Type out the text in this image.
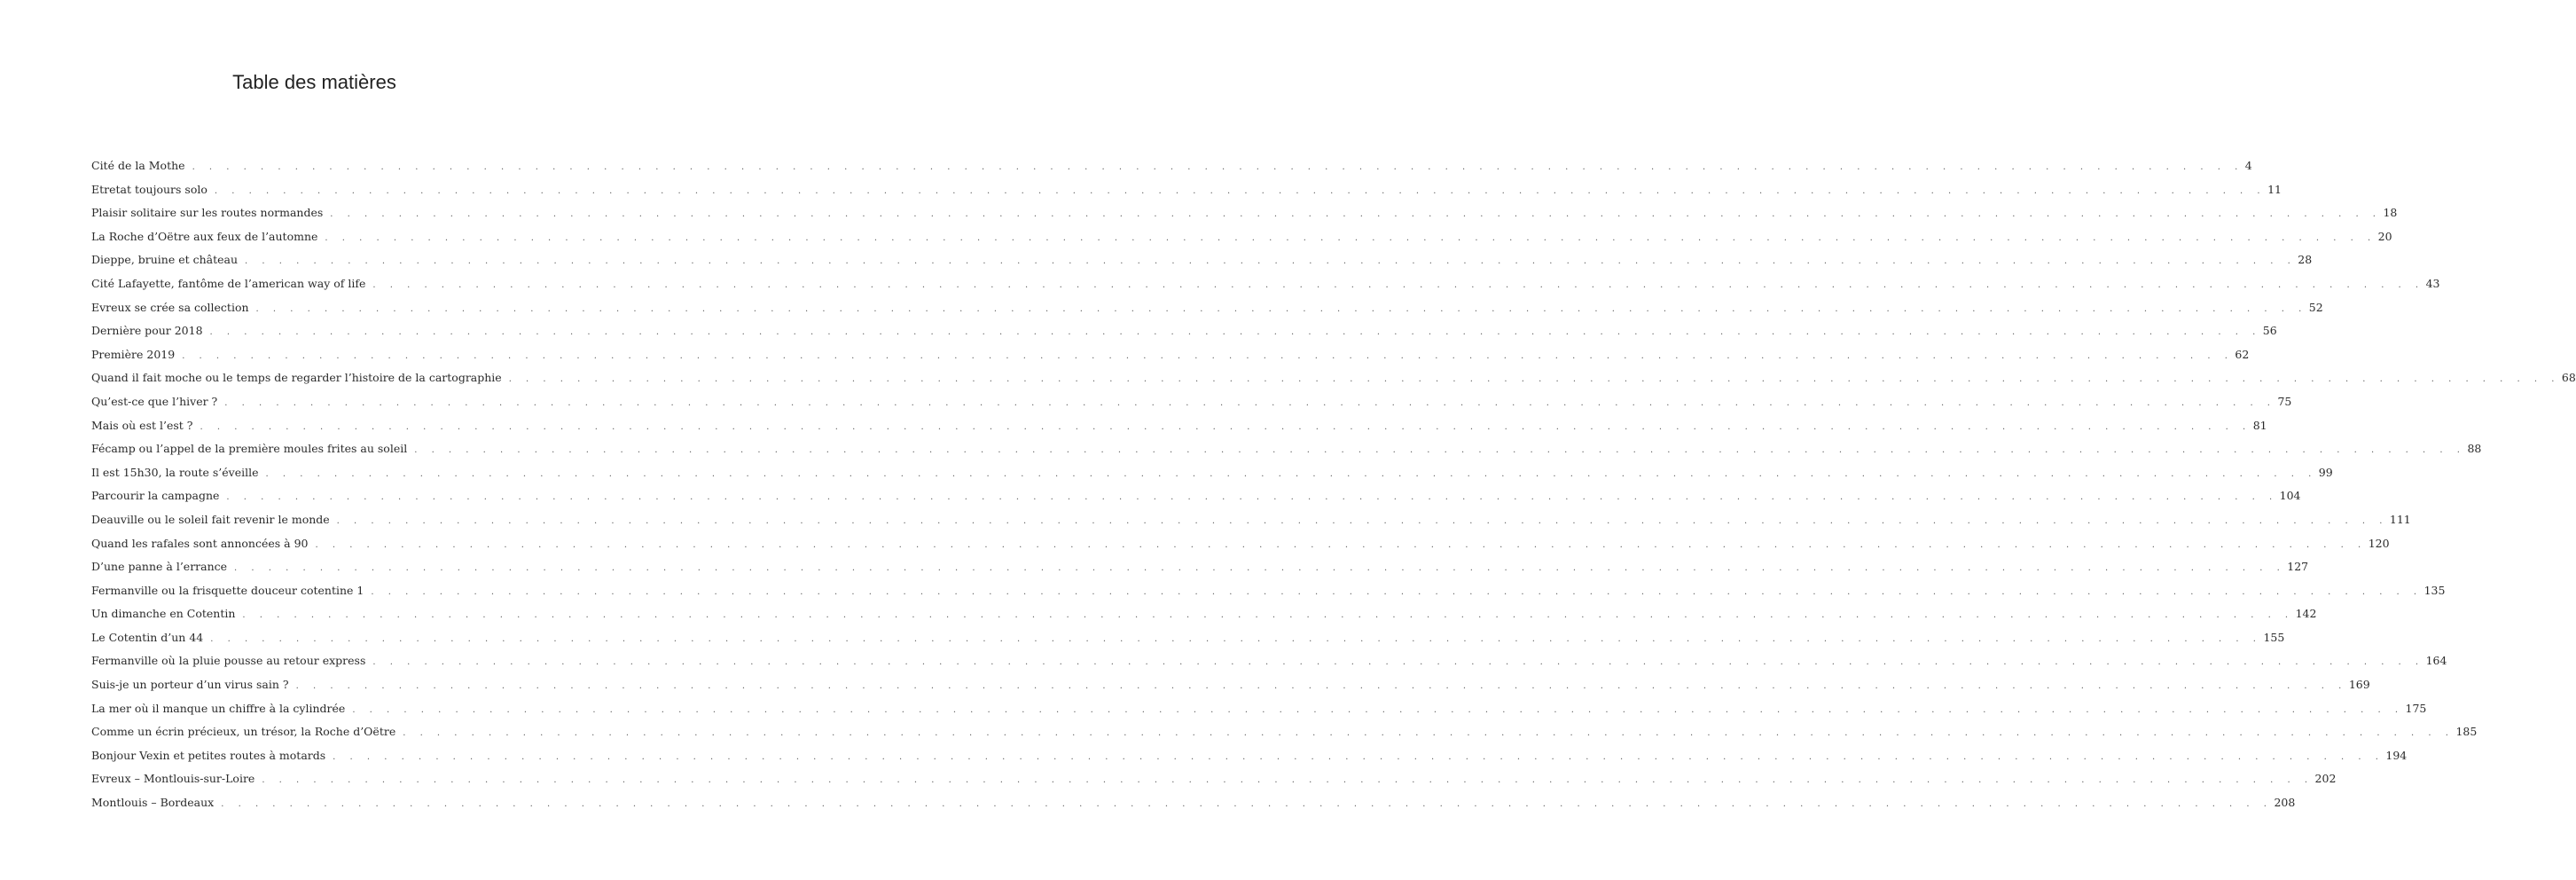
Table des matières
Cité de la Mothe . . . . . . . . . . . . . . . . . . . . . . . . . . . . . . . . . . . . . . . . . . . . . . . . . . . . . . . . . . . . . . . . . . . . . . . . . . . . . . . . . . . . . . . . . . . . . . . . . . . . . . . . . . . . . . . . . . . . . . . . 4
Etretat toujours solo . . . . . . . . . . . . . . . . . . . . . . . . . . . . . . . . . . . . . . . . . . . . . . . . . . . . . . . . . . . . . . . . . . . . . . . . . . . . . . . . . . . . . . . . . . . . . . . . . . . . . . . . . . . . . . . . . . . . . . . . 11
Plaisir solitaire sur les routes normandes . . . . . . . . . . . . . . . . . . . . . . . . . . . . . . . . . . . . . . . . . . . . . . . . . . . . . . . . . . . . . . . . . . . . . . . . . . . . . . . . . . . . . . . . . . . . . . . . . . . . . . . . . . . . . . . . . . . . . . . . 18
La Roche d’Oëtre aux feux de l’automne . . . . . . . . . . . . . . . . . . . . . . . . . . . . . . . . . . . . . . . . . . . . . . . . . . . . . . . . . . . . . . . . . . . . . . . . . . . . . . . . . . . . . . . . . . . . . . . . . . . . . . . . . . . . . . . . . . . . . . . . 20
Dieppe, bruine et château . . . . . . . . . . . . . . . . . . . . . . . . . . . . . . . . . . . . . . . . . . . . . . . . . . . . . . . . . . . . . . . . . . . . . . . . . . . . . . . . . . . . . . . . . . . . . . . . . . . . . . . . . . . . . . . . . . . . . . . . 28
Cité Lafayette, fantôme de l’american way of life . . . . . . . . . . . . . . . . . . . . . . . . . . . . . . . . . . . . . . . . . . . . . . . . . . . . . . . . . . . . . . . . . . . . . . . . . . . . . . . . . . . . . . . . . . . . . . . . . . . . . . . . . . . . . . . . . . . . . . . . 43
Evreux se crée sa collection . . . . . . . . . . . . . . . . . . . . . . . . . . . . . . . . . . . . . . . . . . . . . . . . . . . . . . . . . . . . . . . . . . . . . . . . . . . . . . . . . . . . . . . . . . . . . . . . . . . . . . . . . . . . . . . . . . . . . . . . 52
Dernière pour 2018 . . . . . . . . . . . . . . . . . . . . . . . . . . . . . . . . . . . . . . . . . . . . . . . . . . . . . . . . . . . . . . . . . . . . . . . . . . . . . . . . . . . . . . . . . . . . . . . . . . . . . . . . . . . . . . . . . . . . . . . . 56
Première 2019 . . . . . . . . . . . . . . . . . . . . . . . . . . . . . . . . . . . . . . . . . . . . . . . . . . . . . . . . . . . . . . . . . . . . . . . . . . . . . . . . . . . . . . . . . . . . . . . . . . . . . . . . . . . . . . . . . . . . . . . . 62
Quand il fait moche ou le temps de regarder l’histoire de la cartographie . . . . . . . . . . . . . . . . . . . . . . . . . . . . . . . . . . . . . . . . . . . . . . . . . . . . . . . . . . . . . . . . . . . . . . . . . . . . . . . . . . . . . . . . . . . . . . . . . . . . . . . . . . . . . . . . . . . . . . . . 68
Qu’est-ce que l’hiver ? . . . . . . . . . . . . . . . . . . . . . . . . . . . . . . . . . . . . . . . . . . . . . . . . . . . . . . . . . . . . . . . . . . . . . . . . . . . . . . . . . . . . . . . . . . . . . . . . . . . . . . . . . . . . . . . . . . . . . . . . 75
Mais où est l’est ? . . . . . . . . . . . . . . . . . . . . . . . . . . . . . . . . . . . . . . . . . . . . . . . . . . . . . . . . . . . . . . . . . . . . . . . . . . . . . . . . . . . . . . . . . . . . . . . . . . . . . . . . . . . . . . . . . . . . . . . . 81
Fécamp ou l’appel de la première moules frites au soleil . . . . . . . . . . . . . . . . . . . . . . . . . . . . . . . . . . . . . . . . . . . . . . . . . . . . . . . . . . . . . . . . . . . . . . . . . . . . . . . . . . . . . . . . . . . . . . . . . . . . . . . . . . . . . . . . . . . . . . . . 88
Il est 15h30, la route s’éveille . . . . . . . . . . . . . . . . . . . . . . . . . . . . . . . . . . . . . . . . . . . . . . . . . . . . . . . . . . . . . . . . . . . . . . . . . . . . . . . . . . . . . . . . . . . . . . . . . . . . . . . . . . . . . . . . . . . . . . . . 99
Parcourir la campagne . . . . . . . . . . . . . . . . . . . . . . . . . . . . . . . . . . . . . . . . . . . . . . . . . . . . . . . . . . . . . . . . . . . . . . . . . . . . . . . . . . . . . . . . . . . . . . . . . . . . . . . . . . . . . . . . . . . . . . . . 104
Deauville ou le soleil fait revenir le monde . . . . . . . . . . . . . . . . . . . . . . . . . . . . . . . . . . . . . . . . . . . . . . . . . . . . . . . . . . . . . . . . . . . . . . . . . . . . . . . . . . . . . . . . . . . . . . . . . . . . . . . . . . . . . . . . . . . . . . . . 111
Quand les rafales sont annoncées à 90 . . . . . . . . . . . . . . . . . . . . . . . . . . . . . . . . . . . . . . . . . . . . . . . . . . . . . . . . . . . . . . . . . . . . . . . . . . . . . . . . . . . . . . . . . . . . . . . . . . . . . . . . . . . . . . . . . . . . . . . . 120
D’une panne à l’errance . . . . . . . . . . . . . . . . . . . . . . . . . . . . . . . . . . . . . . . . . . . . . . . . . . . . . . . . . . . . . . . . . . . . . . . . . . . . . . . . . . . . . . . . . . . . . . . . . . . . . . . . . . . . . . . . . . . . . . . . 127
Fermanville ou la frisquette douceur cotentine 1 . . . . . . . . . . . . . . . . . . . . . . . . . . . . . . . . . . . . . . . . . . . . . . . . . . . . . . . . . . . . . . . . . . . . . . . . . . . . . . . . . . . . . . . . . . . . . . . . . . . . . . . . . . . . . . . . . . . . . . . . 135
Un dimanche en Cotentin . . . . . . . . . . . . . . . . . . . . . . . . . . . . . . . . . . . . . . . . . . . . . . . . . . . . . . . . . . . . . . . . . . . . . . . . . . . . . . . . . . . . . . . . . . . . . . . . . . . . . . . . . . . . . . . . . . . . . . . . 142
Le Cotentin d’un 44 . . . . . . . . . . . . . . . . . . . . . . . . . . . . . . . . . . . . . . . . . . . . . . . . . . . . . . . . . . . . . . . . . . . . . . . . . . . . . . . . . . . . . . . . . . . . . . . . . . . . . . . . . . . . . . . . . . . . . . . . 155
Fermanville où la pluie pousse au retour express . . . . . . . . . . . . . . . . . . . . . . . . . . . . . . . . . . . . . . . . . . . . . . . . . . . . . . . . . . . . . . . . . . . . . . . . . . . . . . . . . . . . . . . . . . . . . . . . . . . . . . . . . . . . . . . . . . . . . . . . 164
Suis-je un porteur d’un virus sain ? . . . . . . . . . . . . . . . . . . . . . . . . . . . . . . . . . . . . . . . . . . . . . . . . . . . . . . . . . . . . . . . . . . . . . . . . . . . . . . . . . . . . . . . . . . . . . . . . . . . . . . . . . . . . . . . . . . . . . . . . 169
La mer où il manque un chiffre à la cylindrée . . . . . . . . . . . . . . . . . . . . . . . . . . . . . . . . . . . . . . . . . . . . . . . . . . . . . . . . . . . . . . . . . . . . . . . . . . . . . . . . . . . . . . . . . . . . . . . . . . . . . . . . . . . . . . . . . . . . . . . . 175
Comme un écrin précieux, un trésor, la Roche d’Oëtre . . . . . . . . . . . . . . . . . . . . . . . . . . . . . . . . . . . . . . . . . . . . . . . . . . . . . . . . . . . . . . . . . . . . . . . . . . . . . . . . . . . . . . . . . . . . . . . . . . . . . . . . . . . . . . . . . . . . . . . . 185
Bonjour Vexin et petites routes à motards . . . . . . . . . . . . . . . . . . . . . . . . . . . . . . . . . . . . . . . . . . . . . . . . . . . . . . . . . . . . . . . . . . . . . . . . . . . . . . . . . . . . . . . . . . . . . . . . . . . . . . . . . . . . . . . . . . . . . . . . 194
Evreux – Montlouis-sur-Loire . . . . . . . . . . . . . . . . . . . . . . . . . . . . . . . . . . . . . . . . . . . . . . . . . . . . . . . . . . . . . . . . . . . . . . . . . . . . . . . . . . . . . . . . . . . . . . . . . . . . . . . . . . . . . . . . . . . . . . . . 202
Montlouis – Bordeaux . . . . . . . . . . . . . . . . . . . . . . . . . . . . . . . . . . . . . . . . . . . . . . . . . . . . . . . . . . . . . . . . . . . . . . . . . . . . . . . . . . . . . . . . . . . . . . . . . . . . . . . . . . . . . . . . . . . . . . . . 208
